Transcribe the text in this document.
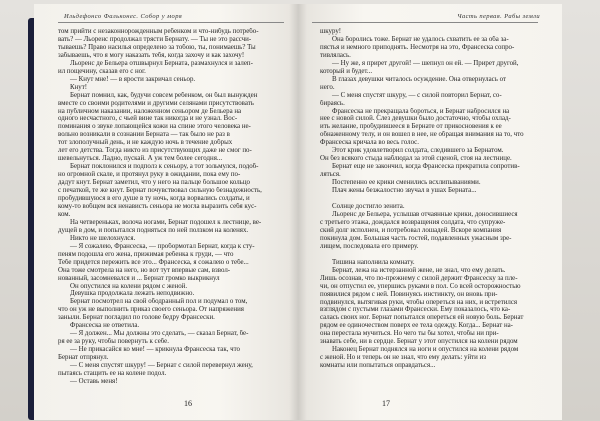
Ильдефонсо Фальконес. Собор у моря
том прийти с незаконнорожденным ребенком и что-нибудь потребо-
вать? — Льоренс продолжал трясти Бернату. — Ты не это рассчи-
тываешь? Право насилья определено за тобою, ты, понимаешь? Ты
забываешь, что я могу наказать тебя, когда захочу и как захочу!
Льоренс де Бельера отшвырнул Берната, размахнулся и залеп-
ил пощечину, сказав его с ног.
— Кнут мне! — в ярости закричал сеньор.
Кнут!
Бернат помнил, как, будучи совсем ребенком, он был вынужден
вместе со своими родителями и другими селянами присутствовать
на публичном наказании, наложенном сеньором де Бельера на
одного несчастного, с чьей вине так никогда и не узнал. Вос-
поминания о звуке лопающейся кожи на спине этого человека не-
вольно возникали в сознании Берната — так было не раз в
тот злополучный день, и не каждую ночь в течение добрых
лет его детства. Тогда никто из присутствующих даже не смог по-
шевельнуться. Ладно, пускай. А уж тем более сегодня...
Бернат поклонился и подполз к сеньору, а тот зольмулся, подоб-
но огромной скале, и протянул руку в ожидании, пока ему по-
дадут кнут. Бернат заметил, что у него на пальце большое кольцо
с печаткой, те же кнут. Бернат почувствовал сильную безнадежность,
пробудившуюся в его душе в ту ночь, когда ворвались солдаты, и
кому-то вобщем вся ненависть сеньора не могла выразить себя кус-
ком.
На четвереньках, волоча ногами, Бернат подошел к лестнице, ве-
дущей в дом, и попытался подняться по ней ползком на коленях.
Никто не шелохнулся.
— Я сожалею, Франсеска, — пробормотал Бернат, когда к сту-
пеням подошла его жена, прижимая ребенка к груди, — что
Тебе придется пережить все это... Франсеска, я сожалею о тебе...
Она тоже смотрела на него, но вот тут впервые сам, взвол-
нованный, засомневался и ... Бернат громко выкрикнул
Он опустился на колени рядом с женой.
Девушка продолжала лежать неподвижно.
Бернат посмотрел на свой ободранный пол и подумал о том,
что он уж не выполнить приказ своего сеньора. От напряжения
заныли. Бернат погладил по голове бедру Франсески.
Франсеска не ответила.
— Я должен... Мы должны это сделать, — сказал Бернат, бе-
ря ее за руку, чтобы повернуть к себе.
— Не прикасайся ко мне! — крикнула Франсеска так, что
Бернат отпрянул.
— С меня спустят шкуру! — Бернат с силой перевернул жену,
пытаясь стащить ее на колене подол.
— Оставь меня!
16
Часть первая. Рабы земли
шкуру!
Она боролись тоже. Бернат не удалось схватить ее за оба за-
пястья и немного приподнять. Несмотря на это, Франсеска сопро-
тивлялась.
— Ну же, я прирет другой! — шепнул он ей. — Прирет другой,
который и будет...
В глазах девушки читалось осуждение. Она отвернулась от
него.
— С меня спустят шкуру, — с силой повторил Бернат, со-
бираясь.
Франсеска не прекращала бороться, и Бернат набросился на
нее с новой силой. Слез девушки было достаточно, чтобы охлад-
ить желание, пробудившееся в Бернате от прикосновения к ее
обнаженному телу, и он вошел в нее, не обращая внимания на то, что
Франсеска кричала во весь голос.
Этот крик удовлетворил солдата, следившего за Бернатом.
Он без всякого стыда наблюдал за этой сценой, стоя на лестнице.
Бернат еще не закончил, когда Франсеска прекратила сопротив-
ляться.
Постепенно ее крики сменились всхлипываниями.
Плач жены безжалостно звучал в ушах Берната...
Солнце достигло зенита.
Льоренс де Бельера, услышав отчаянные крики, доносившиеся
с третьего этажа, дождался возвращения солдата, что супруже-
ский долг исполнен, и потребовал лошадей. Вскоре компания
покинула дом. Большая часть гостей, подавленных ужасным зре-
лищем, последовала его примеру.
Тишина наполнила комнату.
Бернат, лежа на истерзанной жене, не знал, что ему делать.
Лишь осознав, что по-прежнему с силой держит Франсеску за пле-
чи, он отпустил ее, упершись руками в пол. Со всей осторожностью
появилися рядом с ней. Повинуясь инстинкту, он вновь при-
подвинулся, вытягивая руки, чтобы опереться на них, и встретился
взглядом с пустыми глазами Франсески. Ему показалось, что ка-
салась своих ног. Бернат попытался опереться ей новую боль. Бернат
рядом ее одиночеством поверх ее тела одежду. Когда... Бернат на-
она перестала мучиться. Но чего ты бы хотел, чтобы ни при-
знавать себе, ни в сердце. Бернат у этот опустился на колени рядом
Наконец Бернат поднялся на ноги и опустился на колени рядом
с женой. Но и теперь он не знал, что ему делать: уйти из
комнаты или попытаться оправдаться...
17
